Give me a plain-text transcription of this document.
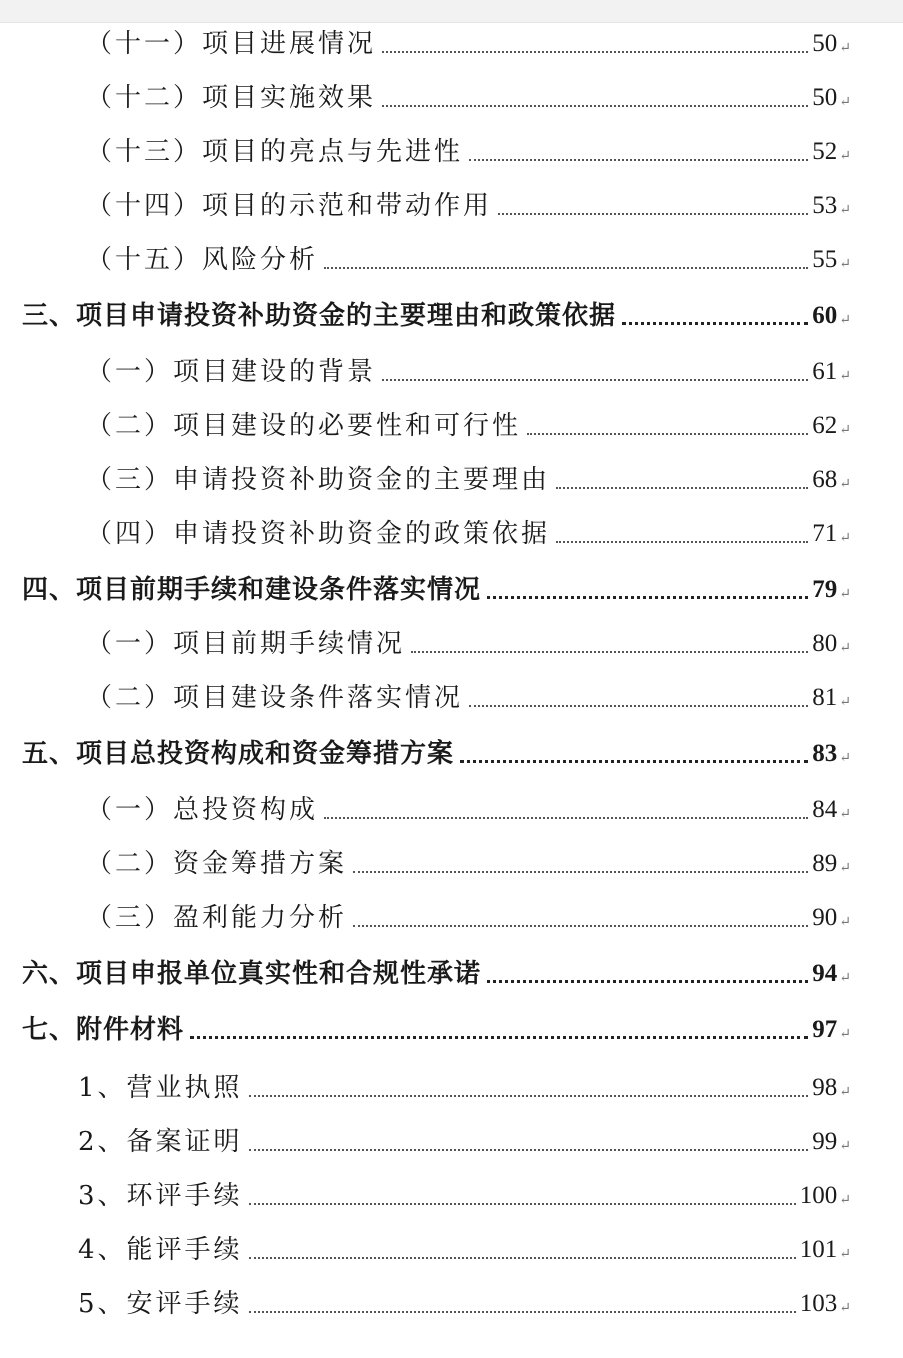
（十一）项目进展情况	50 ↵
（十二）项目实施效果	50 ↵
（十三）项目的亮点与先进性	52 ↵
（十四）项目的示范和带动作用	53 ↵
（十五）风险分析	55 ↵
三、项目申请投资补助资金的主要理由和政策依据	60 ↵
（一）项目建设的背景	61 ↵
（二）项目建设的必要性和可行性	62 ↵
（三）申请投资补助资金的主要理由	68 ↵
（四）申请投资补助资金的政策依据	71 ↵
四、项目前期手续和建设条件落实情况	79 ↵
（一）项目前期手续情况	80 ↵
（二）项目建设条件落实情况	81 ↵
五、项目总投资构成和资金筹措方案	83 ↵
（一）总投资构成	84 ↵
（二）资金筹措方案	89 ↵
（三）盈利能力分析	90 ↵
六、项目申报单位真实性和合规性承诺	94 ↵
七、附件材料	97 ↵
1、营业执照	98 ↵
2、备案证明	99 ↵
3、环评手续	100 ↵
4、能评手续	101 ↵
5、安评手续	103 ↵
